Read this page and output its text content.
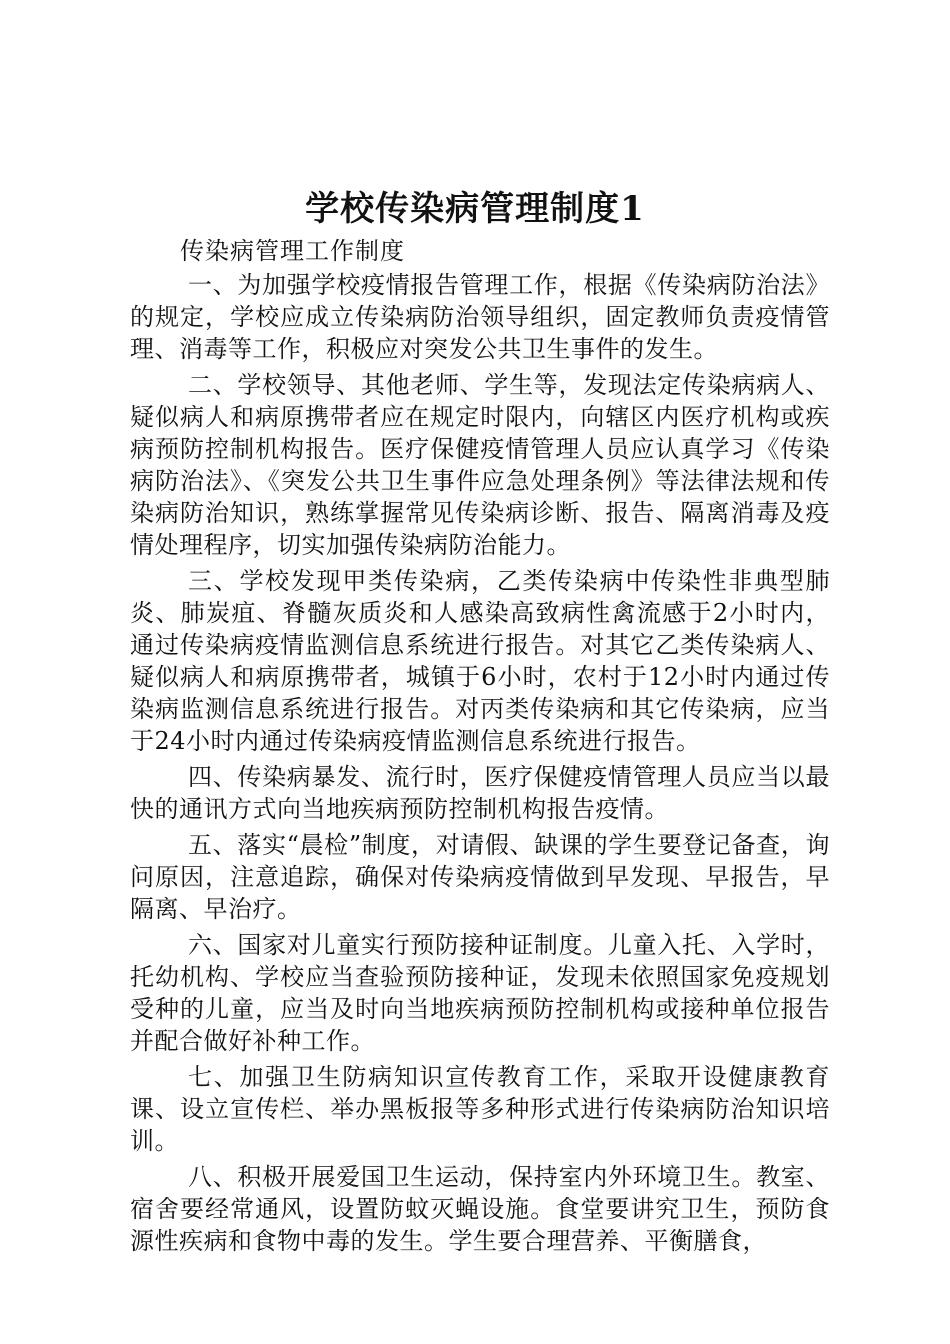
学校传染病管理制度1

传染病管理工作制度

一、为加强学校疫情报告管理工作，根据《传染病防治法》的规定，学校应成立传染病防治领导组织，固定教师负责疫情管理、消毒等工作，积极应对突发公共卫生事件的发生。

二、学校领导、其他老师、学生等，发现法定传染病病人、疑似病人和病原携带者应在规定时限内，向辖区内医疗机构或疾病预防控制机构报告。医疗保健疫情管理人员应认真学习《传染病防治法》、《突发公共卫生事件应急处理条例》等法律法规和传染病防治知识，熟练掌握常见传染病诊断、报告、隔离消毒及疫情处理程序，切实加强传染病防治能力。

三、学校发现甲类传染病，乙类传染病中传染性非典型肺炎、肺炭疽、脊髓灰质炎和人感染高致病性禽流感于2小时内，通过传染病疫情监测信息系统进行报告。对其它乙类传染病人、疑似病人和病原携带者，城镇于6小时，农村于12小时内通过传染病监测信息系统进行报告。对丙类传染病和其它传染病，应当于24小时内通过传染病疫情监测信息系统进行报告。

四、传染病暴发、流行时，医疗保健疫情管理人员应当以最快的通讯方式向当地疾病预防控制机构报告疫情。

五、落实“晨检”制度，对请假、缺课的学生要登记备查，询问原因，注意追踪，确保对传染病疫情做到早发现、早报告，早隔离、早治疗。

六、国家对儿童实行预防接种证制度。儿童入托、入学时，托幼机构、学校应当查验预防接种证，发现未依照国家免疫规划受种的儿童，应当及时向当地疾病预防控制机构或接种单位报告并配合做好补种工作。

七、加强卫生防病知识宣传教育工作，采取开设健康教育课、设立宣传栏、举办黑板报等多种形式进行传染病防治知识培训。

八、积极开展爱国卫生运动，保持室内外环境卫生。教室、宿舍要经常通风，设置防蚊灭蝇设施。食堂要讲究卫生，预防食源性疾病和食物中毒的发生。学生要合理营养、平衡膳食，
